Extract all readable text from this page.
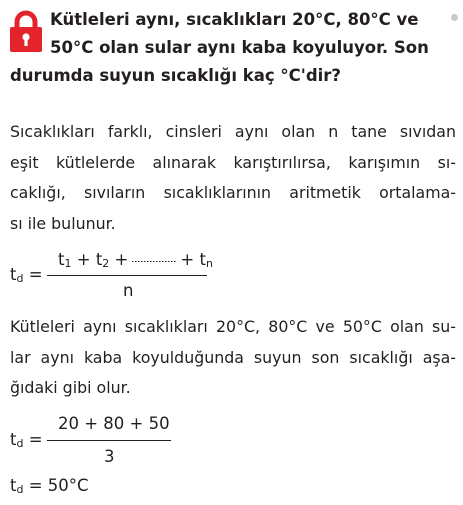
Kütleleri aynı, sıcaklıkları 20°C, 80°C ve
50°C olan sular aynı kaba koyuluyor. Son
durumda suyun sıcaklığı kaç °C'dir?
Sıcaklıkları farklı, cinsleri aynı olan n tane sıvıdan
eşit kütlelerde alınarak karıştırılırsa, karışımın sı-
caklığı, sıvıların sıcaklıklarının aritmetik ortalama-
sı ile bulunur.
$t_d$ =
$t_1 + t_2$ +	+ $t_n$
n
Kütleleri aynı sıcaklıkları 20°C, 80°C ve 50°C olan su-
lar aynı kaba koyulduğunda suyun son sıcaklığı aşa-
ğıdaki gibi olur.
$t_d$ =
20 + 80 + 50
3
$t_d = 50^\circ C$
